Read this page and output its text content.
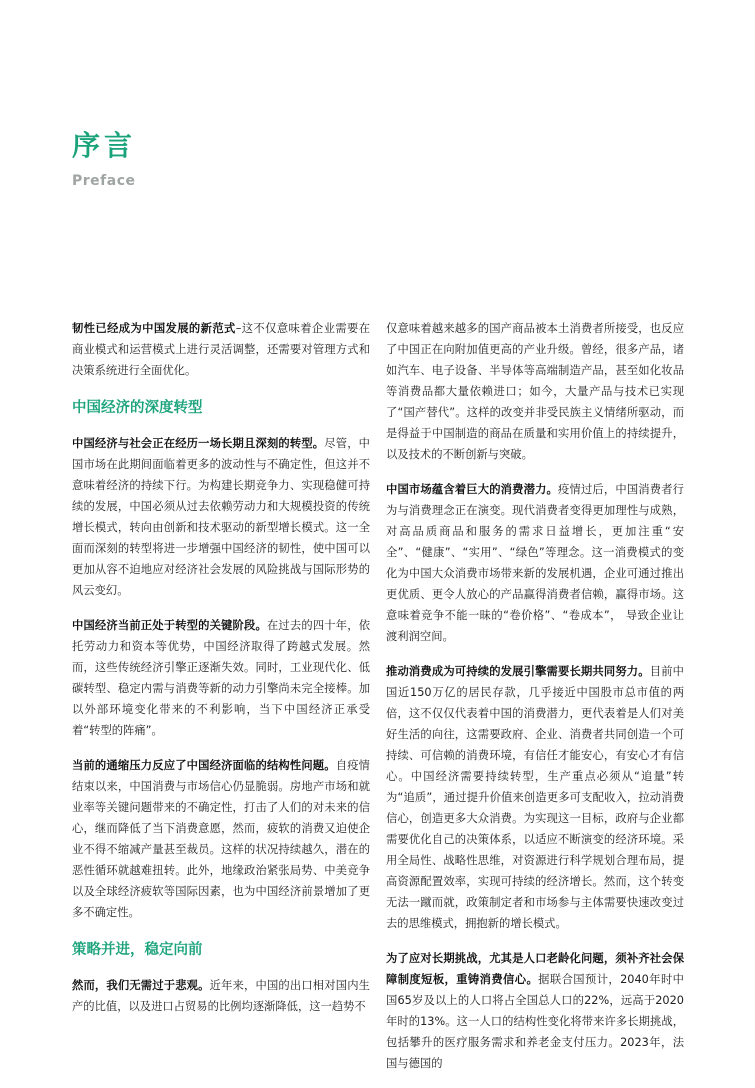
序言
Preface

韧性已经成为中国发展的新范式–这不仅意味着企业需要在商业模式和运营模式上进行灵活调整，还需要对管理方式和决策系统进行全面优化。

中国经济的深度转型

中国经济与社会正在经历一场长期且深刻的转型。尽管，中国市场在此期间面临着更多的波动性与不确定性，但这并不意味着经济的持续下行。为构建长期竞争力、实现稳健可持续的发展，中国必须从过去依赖劳动力和大规模投资的传统增长模式，转向由创新和技术驱动的新型增长模式。这一全面而深刻的转型将进一步增强中国经济的韧性，使中国可以更加从容不迫地应对经济社会发展的风险挑战与国际形势的风云变幻。

中国经济当前正处于转型的关键阶段。在过去的四十年，依托劳动力和资本等优势，中国经济取得了跨越式发展。然而，这些传统经济引擎正逐渐失效。同时，工业现代化、低碳转型、稳定内需与消费等新的动力引擎尚未完全接棒。加以外部环境变化带来的不利影响，当下中国经济正承受着“转型的阵痛”。

当前的通缩压力反应了中国经济面临的结构性问题。自疫情结束以来，中国消费与市场信心仍显脆弱。房地产市场和就业率等关键问题带来的不确定性，打击了人们的对未来的信心，继而降低了当下消费意愿，然而，疲软的消费又迫使企业不得不缩减产量甚至裁员。这样的状况持续越久，潜在的恶性循环就越难扭转。此外，地缘政治紧张局势、中美竞争以及全球经济疲软等国际因素，也为中国经济前景增加了更多不确定性。

策略并进，稳定向前

然而，我们无需过于悲观。近年来，中国的出口相对国内生产的比值，以及进口占贸易的比例均逐渐降低，这一趋势不

仅意味着越来越多的国产商品被本土消费者所接受，也反应了中国正在向附加值更高的产业升级。曾经，很多产品，诸如汽车、电子设备、半导体等高端制造产品，甚至如化妆品等消费品都大量依赖进口；如今，大量产品与技术已实现了“国产替代”。这样的改变并非受民族主义情绪所驱动，而是得益于中国制造的商品在质量和实用价值上的持续提升，以及技术的不断创新与突破。

中国市场蕴含着巨大的消费潜力。疫情过后，中国消费者行为与消费理念正在演变。现代消费者变得更加理性与成熟，对高品质商品和服务的需求日益增长，更加注重“安全”、“健康”、“实用”、“绿色”等理念。这一消费模式的变化为中国大众消费市场带来新的发展机遇，企业可通过推出更优质、更令人放心的产品赢得消费者信赖，赢得市场。这意味着竞争不能一昧的“卷价格”、“卷成本”， 导致企业让渡利润空间。

推动消费成为可持续的发展引擎需要长期共同努力。目前中国近150万亿的居民存款，几乎接近中国股市总市值的两倍，这不仅仅代表着中国的消费潜力，更代表着是人们对美好生活的向往，这需要政府、企业、消费者共同创造一个可持续、可信赖的消费环境，有信任才能安心，有安心才有信心。中国经济需要持续转型，生产重点必须从“追量”转为“追质”，通过提升价值来创造更多可支配收入，拉动消费信心，创造更多大众消费。为实现这一目标，政府与企业都需要优化自己的决策体系，以适应不断演变的经济环境。采用全局性、战略性思维，对资源进行科学规划合理布局，提高资源配置效率，实现可持续的经济增长。然而，这个转变无法一蹴而就，政策制定者和市场参与主体需要快速改变过去的思维模式，拥抱新的增长模式。

为了应对长期挑战，尤其是人口老龄化问题，须补齐社会保障制度短板，重铸消费信心。据联合国预计，2040年时中国65岁及以上的人口将占全国总人口的22%，远高于2020年时的13%。这一人口的结构性变化将带来许多长期挑战，包括攀升的医疗服务需求和养老金支付压力。2023年，法国与德国的
